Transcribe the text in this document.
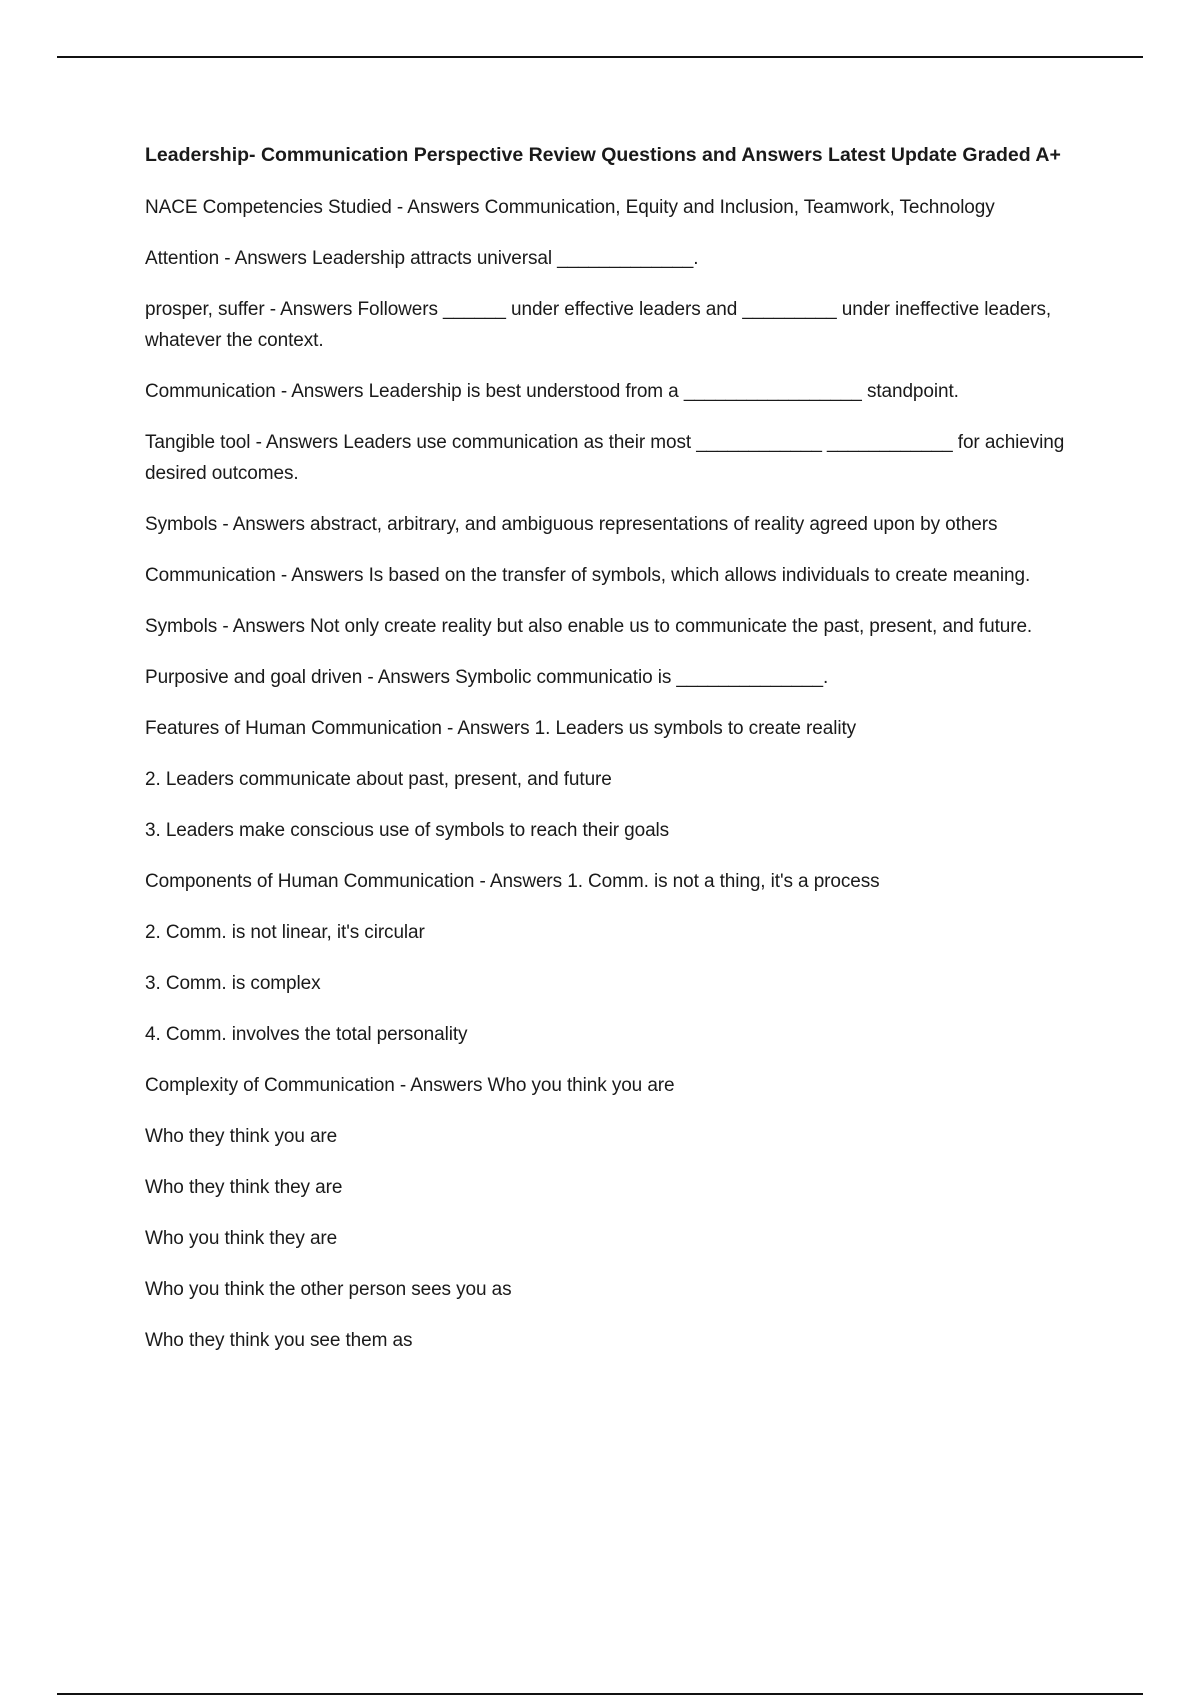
Leadership- Communication Perspective Review Questions and Answers Latest Update Graded A+
NACE Competencies Studied - Answers Communication, Equity and Inclusion, Teamwork, Technology
Attention - Answers Leadership attracts universal _____________.
prosper, suffer - Answers Followers ______ under effective leaders and _________ under ineffective leaders, whatever the context.
Communication - Answers Leadership is best understood from a _________________ standpoint.
Tangible tool - Answers Leaders use communication as their most ____________ ____________ for achieving desired outcomes.
Symbols - Answers abstract, arbitrary, and ambiguous representations of reality agreed upon by others
Communication - Answers Is based on the transfer of symbols, which allows individuals to create meaning.
Symbols - Answers Not only create reality but also enable us to communicate the past, present, and future.
Purposive and goal driven - Answers Symbolic communicatio is ______________.
Features of Human Communication - Answers 1. Leaders us symbols to create reality
2. Leaders communicate about past, present, and future
3. Leaders make conscious use of symbols to reach their goals
Components of Human Communication - Answers 1. Comm. is not a thing, it's a process
2. Comm. is not linear, it's circular
3. Comm. is complex
4. Comm. involves the total personality
Complexity of Communication - Answers Who you think you are
Who they think you are
Who they think they are
Who you think they are
Who you think the other person sees you as
Who they think you see them as
